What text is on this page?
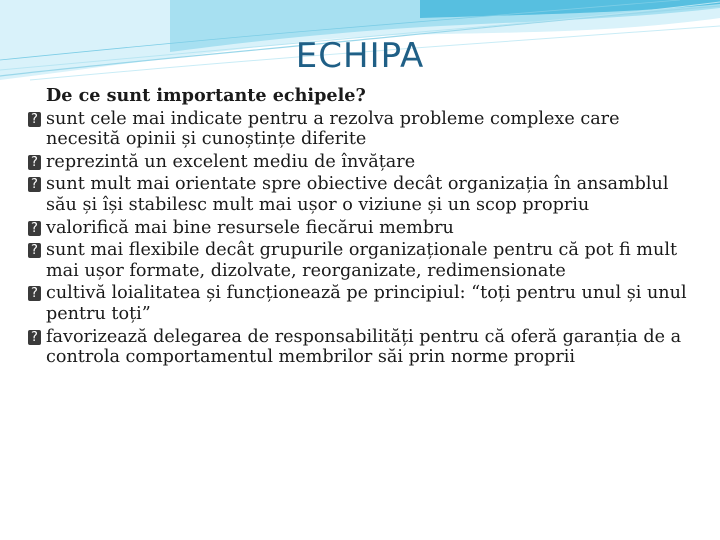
ECHIPA
De ce sunt importante echipele?
? sunt cele mai indicate pentru a rezolva probleme complexe care necesită opinii și cunoștințe diferite
? reprezintă un excelent mediu de învățare
? sunt mult mai orientate spre obiective decât organizația în ansamblul său și își stabilesc mult mai ușor o viziune și un scop propriu
? valorifică mai bine resursele fiecărui membru
? sunt mai flexibile decât grupurile organizaționale pentru că pot fi mult mai ușor formate, dizolvate, reorganizate, redimensionate
? cultivă loialitatea și funcționează pe principiul: “toți pentru unul și unul pentru toți”
? favorizează delegarea de responsabilități pentru că oferă garanția de a controla comportamentul membrilor săi prin norme proprii
